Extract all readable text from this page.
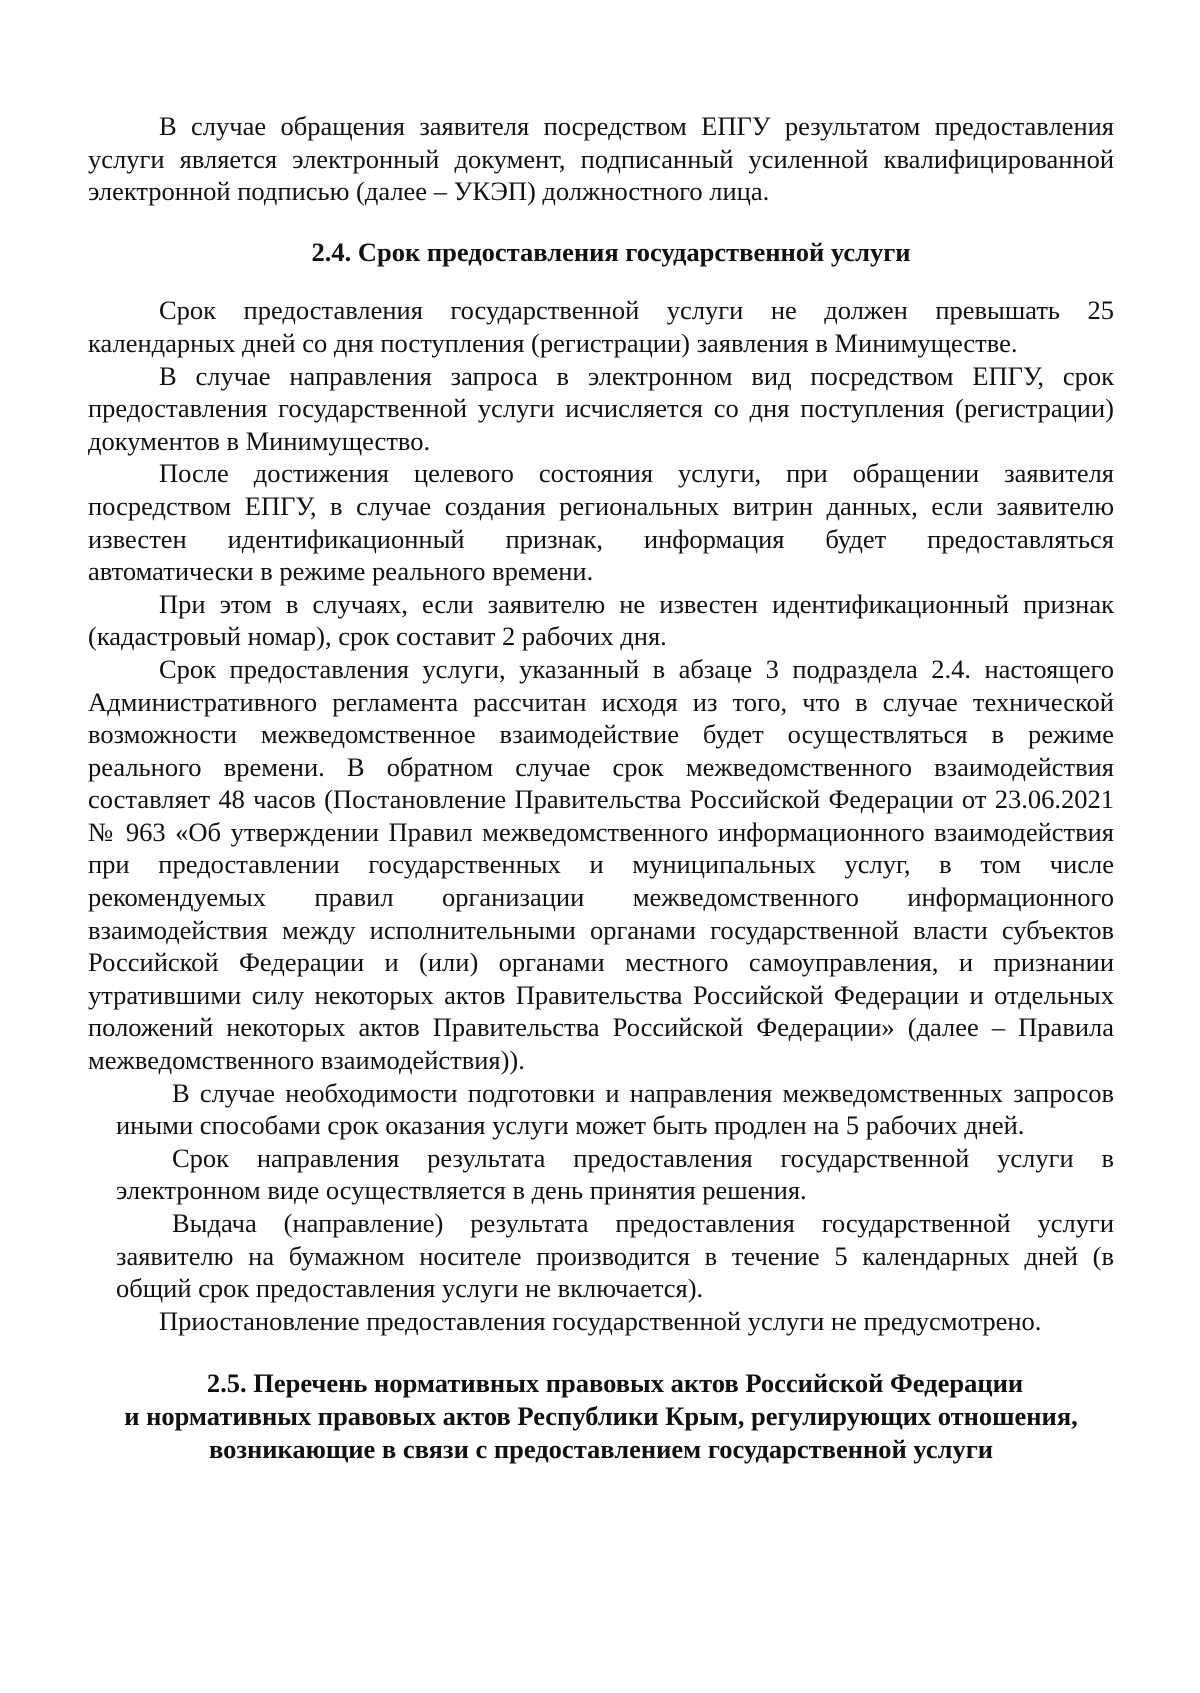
В случае обращения заявителя посредством ЕПГУ результатом предоставления услуги является электронный документ, подписанный усиленной квалифицированной электронной подписью (далее – УКЭП) должностного лица.

2.4. Срок предоставления государственной услуги

Срок предоставления государственной услуги не должен превышать 25 календарных дней со дня поступления (регистрации) заявления в Минимуществе.

В случае направления запроса в электронном вид посредством ЕПГУ, срок предоставления государственной услуги исчисляется со дня поступления (регистрации) документов в Минимущество.

После достижения целевого состояния услуги, при обращении заявителя посредством ЕПГУ, в случае создания региональных витрин данных, если заявителю известен идентификационный признак, информация будет предоставляться автоматически в режиме реального времени.

При этом в случаях, если заявителю не известен идентификационный признак (кадастровый номар), срок составит 2 рабочих дня.

Срок предоставления услуги, указанный в абзаце 3 подраздела 2.4. настоящего Административного регламента рассчитан исходя из того, что в случае технической возможности межведомственное взаимодействие будет осуществляться в режиме реального времени. В обратном случае срок межведомственного взаимодействия составляет 48 часов (Постановление Правительства Российской Федерации от 23.06.2021 № 963 «Об утверждении Правил межведомственного информационного взаимодействия при предоставлении государственных и муниципальных услуг, в том числе рекомендуемых правил организации межведомственного информационного взаимодействия между исполнительными органами государственной власти субъектов Российской Федерации и (или) органами местного самоуправления, и признании утратившими силу некоторых актов Правительства Российской Федерации и отдельных положений некоторых актов Правительства Российской Федерации» (далее – Правила межведомственного взаимодействия)).

В случае необходимости подготовки и направления межведомственных запросов иными способами срок оказания услуги может быть продлен на 5 рабочих дней.

Срок направления результата предоставления государственной услуги в электронном виде осуществляется в день принятия решения.

Выдача (направление) результата предоставления государственной услуги заявителю на бумажном носителе производится в течение 5 календарных дней (в общий срок предоставления услуги не включается).

Приостановление предоставления государственной услуги не предусмотрено.

2.5. Перечень нормативных правовых актов Российской Федерации
и нормативных правовых актов Республики Крым, регулирующих отношения,
возникающие в связи с предоставлением государственной услуги
